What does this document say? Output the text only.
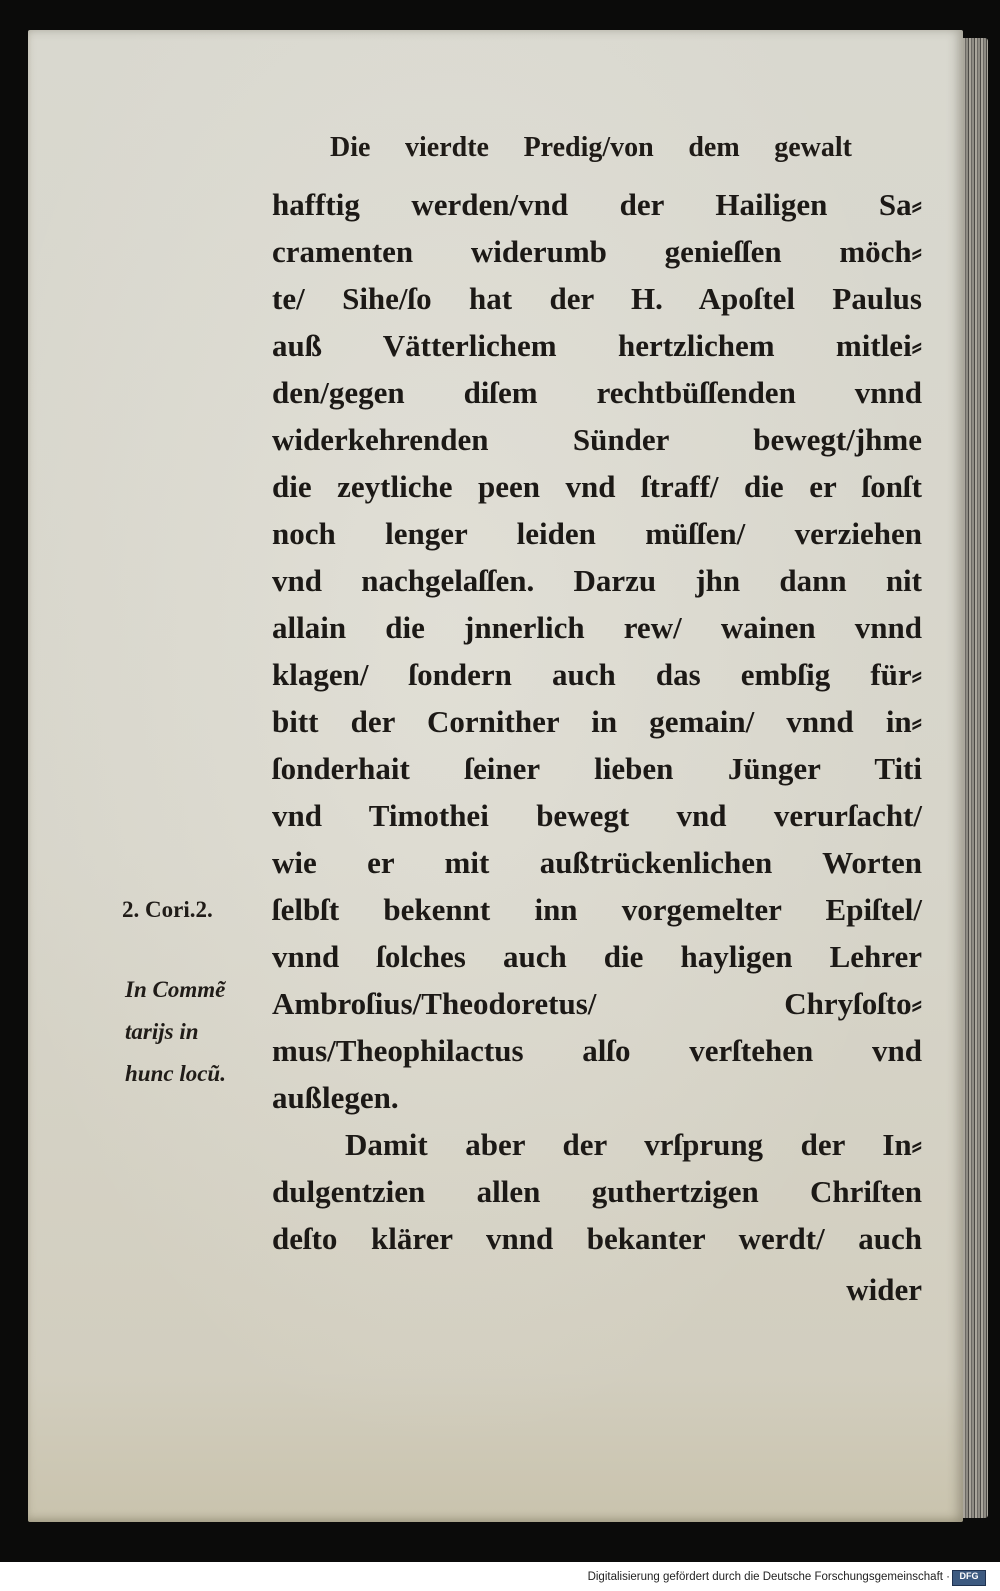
Die vierdte Predig/von dem gewalt
hafftig werden/vnd der Hailigen Sa⸗
cramenten widerumb genieſſen möch⸗
te/ Sihe/ſo hat der H. Apoſtel Paulus
auß Vätterlichem hertzlichem mitlei⸗
den/gegen diſem rechtbüſſenden vnnd
widerkehrenden Sünder bewegt/jhme
die zeytliche peen vnd ſtraff/ die er ſonſt
noch lenger leiden müſſen/ verziehen
vnd nachgelaſſen. Darzu jhn dann nit
allain die jnnerlich rew/ wainen vnnd
klagen/ ſondern auch das embſig für⸗
bitt der Cornither in gemain/ vnnd in⸗
ſonderhait ſeiner lieben Jünger Titi
vnd Timothei bewegt vnd verurſacht/
wie er mit außtrückenlichen Worten
ſelbſt bekennt inn vorgemelter Epiſtel/
vnnd ſolches auch die hayligen Lehrer
Ambroſius/Theodoretus/ Chryſoſto⸗
mus/Theophilactus alſo verſtehen vnd
außlegen.
Damit aber der vrſprung der In⸗
dulgentzien allen guthertzigen Chriſten
deſto klärer vnnd bekanter werdt/ auch
wider
2. Cori.2.
In Commẽ
tarijs in
hunc locũ.
Digitalisierung gefördert durch die Deutsche Forschungsgemeinschaft ·	DFG
